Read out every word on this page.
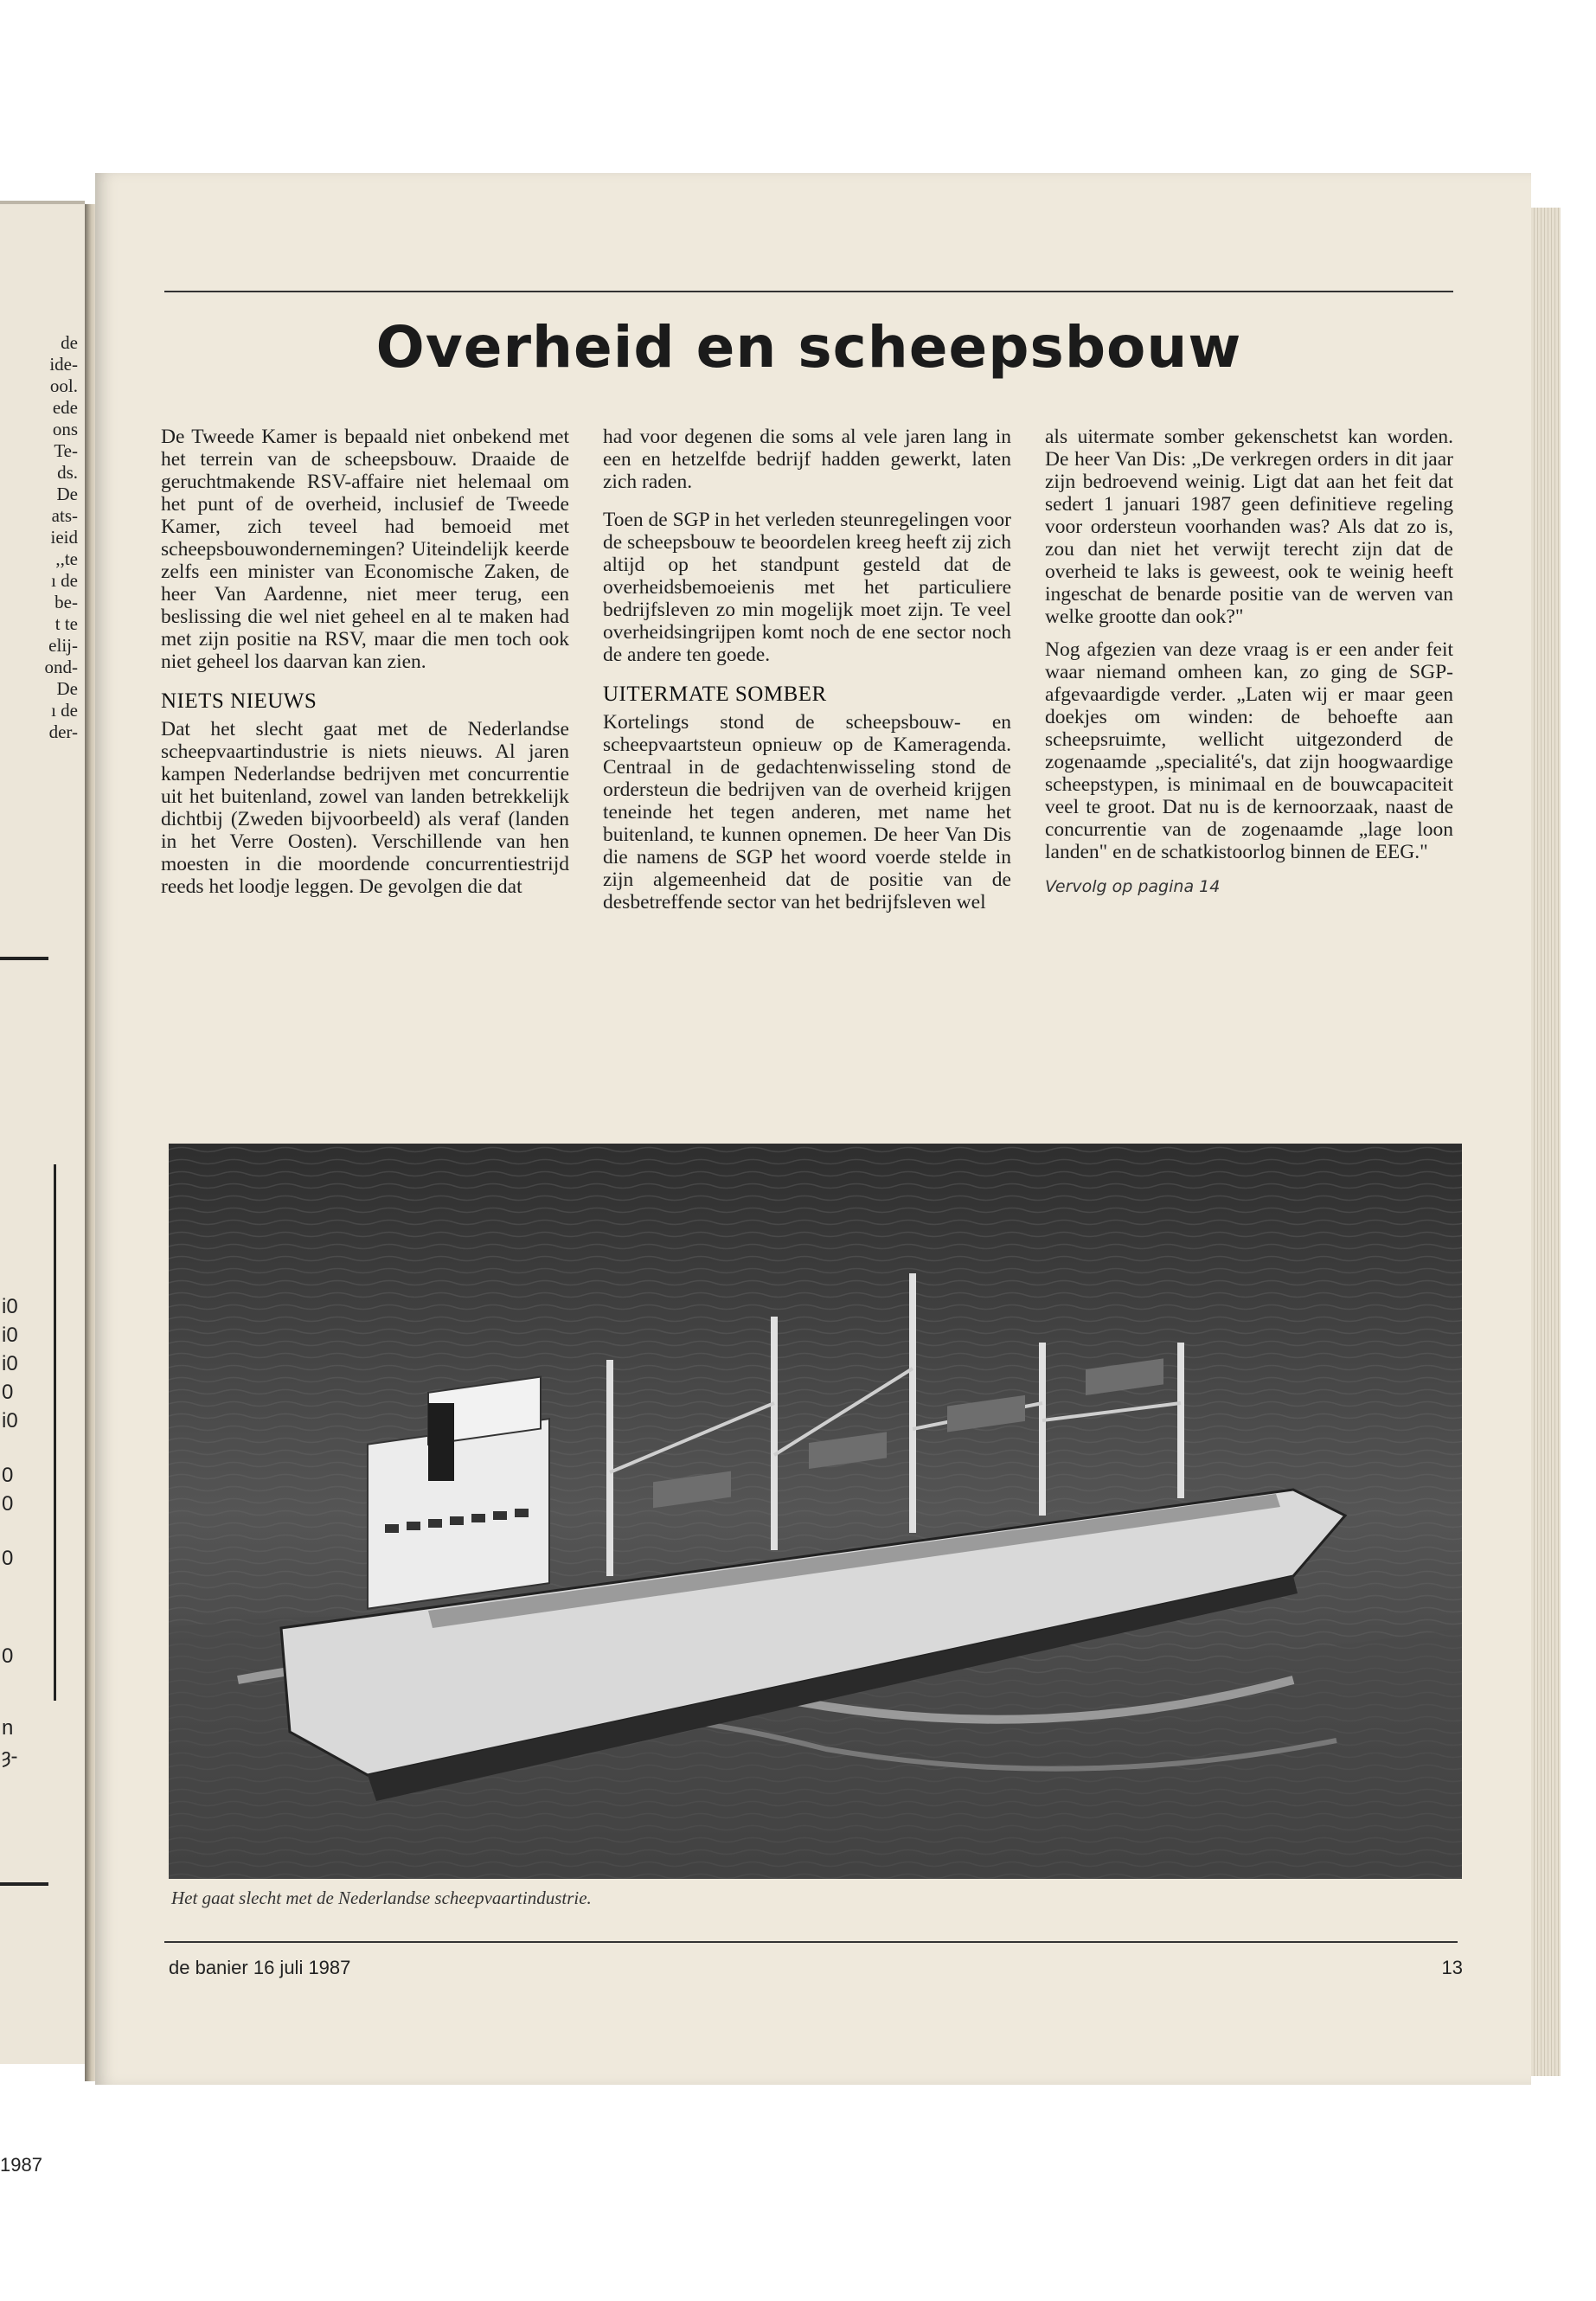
de
ide-
ool.
ede
ons
Te-
ds.
De
ats-
ieid
,,te
ı de
be-
t te
elij-
ond-
De
ı de
der-
i0
i0
i0
0
i0
0
0
0
0
n
ȝ-
1987
Overheid en scheepsbouw

De Tweede Kamer is bepaald niet onbekend met het terrein van de scheepsbouw. Draaide de geruchtmakende RSV-affaire niet helemaal om het punt of de overheid, inclusief de Tweede Kamer, zich teveel had bemoeid met scheepsbouwondernemingen? Uiteindelijk keerde zelfs een minister van Economische Zaken, de heer Van Aardenne, niet meer terug, een beslissing die wel niet geheel en al te maken had met zijn positie na RSV, maar die men toch ook niet geheel los daarvan kan zien.

NIETS NIEUWS

Dat het slecht gaat met de Nederlandse scheepvaartindustrie is niets nieuws. Al jaren kampen Nederlandse bedrijven met concurrentie uit het buitenland, zowel van landen betrekkelijk dichtbij (Zweden bijvoorbeeld) als veraf (landen in het Verre Oosten). Verschillende van hen moesten in die moordende concurrentiestrijd reeds het loodje leggen. De gevolgen die dat

had voor degenen die soms al vele jaren lang in een en hetzelfde bedrijf hadden gewerkt, laten zich raden.

Toen de SGP in het verleden steunregelingen voor de scheepsbouw te beoordelen kreeg heeft zij zich altijd op het standpunt gesteld dat de overheidsbemoeienis met het particuliere bedrijfsleven zo min mogelijk moet zijn. Te veel overheidsingrijpen komt noch de ene sector noch de andere ten goede.

UITERMATE SOMBER

Kortelings stond de scheepsbouw- en scheepvaartsteun opnieuw op de Kameragenda. Centraal in de gedachtenwisseling stond de ordersteun die bedrijven van de overheid krijgen teneinde het tegen anderen, met name het buitenland, te kunnen opnemen. De heer Van Dis die namens de SGP het woord voerde stelde in zijn algemeenheid dat de positie van de desbetreffende sector van het bedrijfsleven wel

als uitermate somber gekenschetst kan worden. De heer Van Dis: „De verkregen orders in dit jaar zijn bedroevend weinig. Ligt dat aan het feit dat sedert 1 januari 1987 geen definitieve regeling voor ordersteun voorhanden was? Als dat zo is, zou dan niet het verwijt terecht zijn dat de overheid te laks is geweest, ook te weinig heeft ingeschat de benarde positie van de werven van welke grootte dan ook?"

Nog afgezien van deze vraag is er een ander feit waar niemand omheen kan, zo ging de SGP-afgevaardigde verder. „Laten wij er maar geen doekjes om winden: de behoefte aan scheepsruimte, wellicht uitgezonderd de zogenaamde „specialité's, dat zijn hoogwaardige scheepstypen, is minimaal en de bouwcapaciteit veel te groot. Dat nu is de kernoorzaak, naast de concurrentie van de zogenaamde „lage loon landen" en de schatkistoorlog binnen de EEG."

Vervolg op pagina 14
Het gaat slecht met de Nederlandse scheepvaartindustrie.
de banier 16 juli 1987	13
